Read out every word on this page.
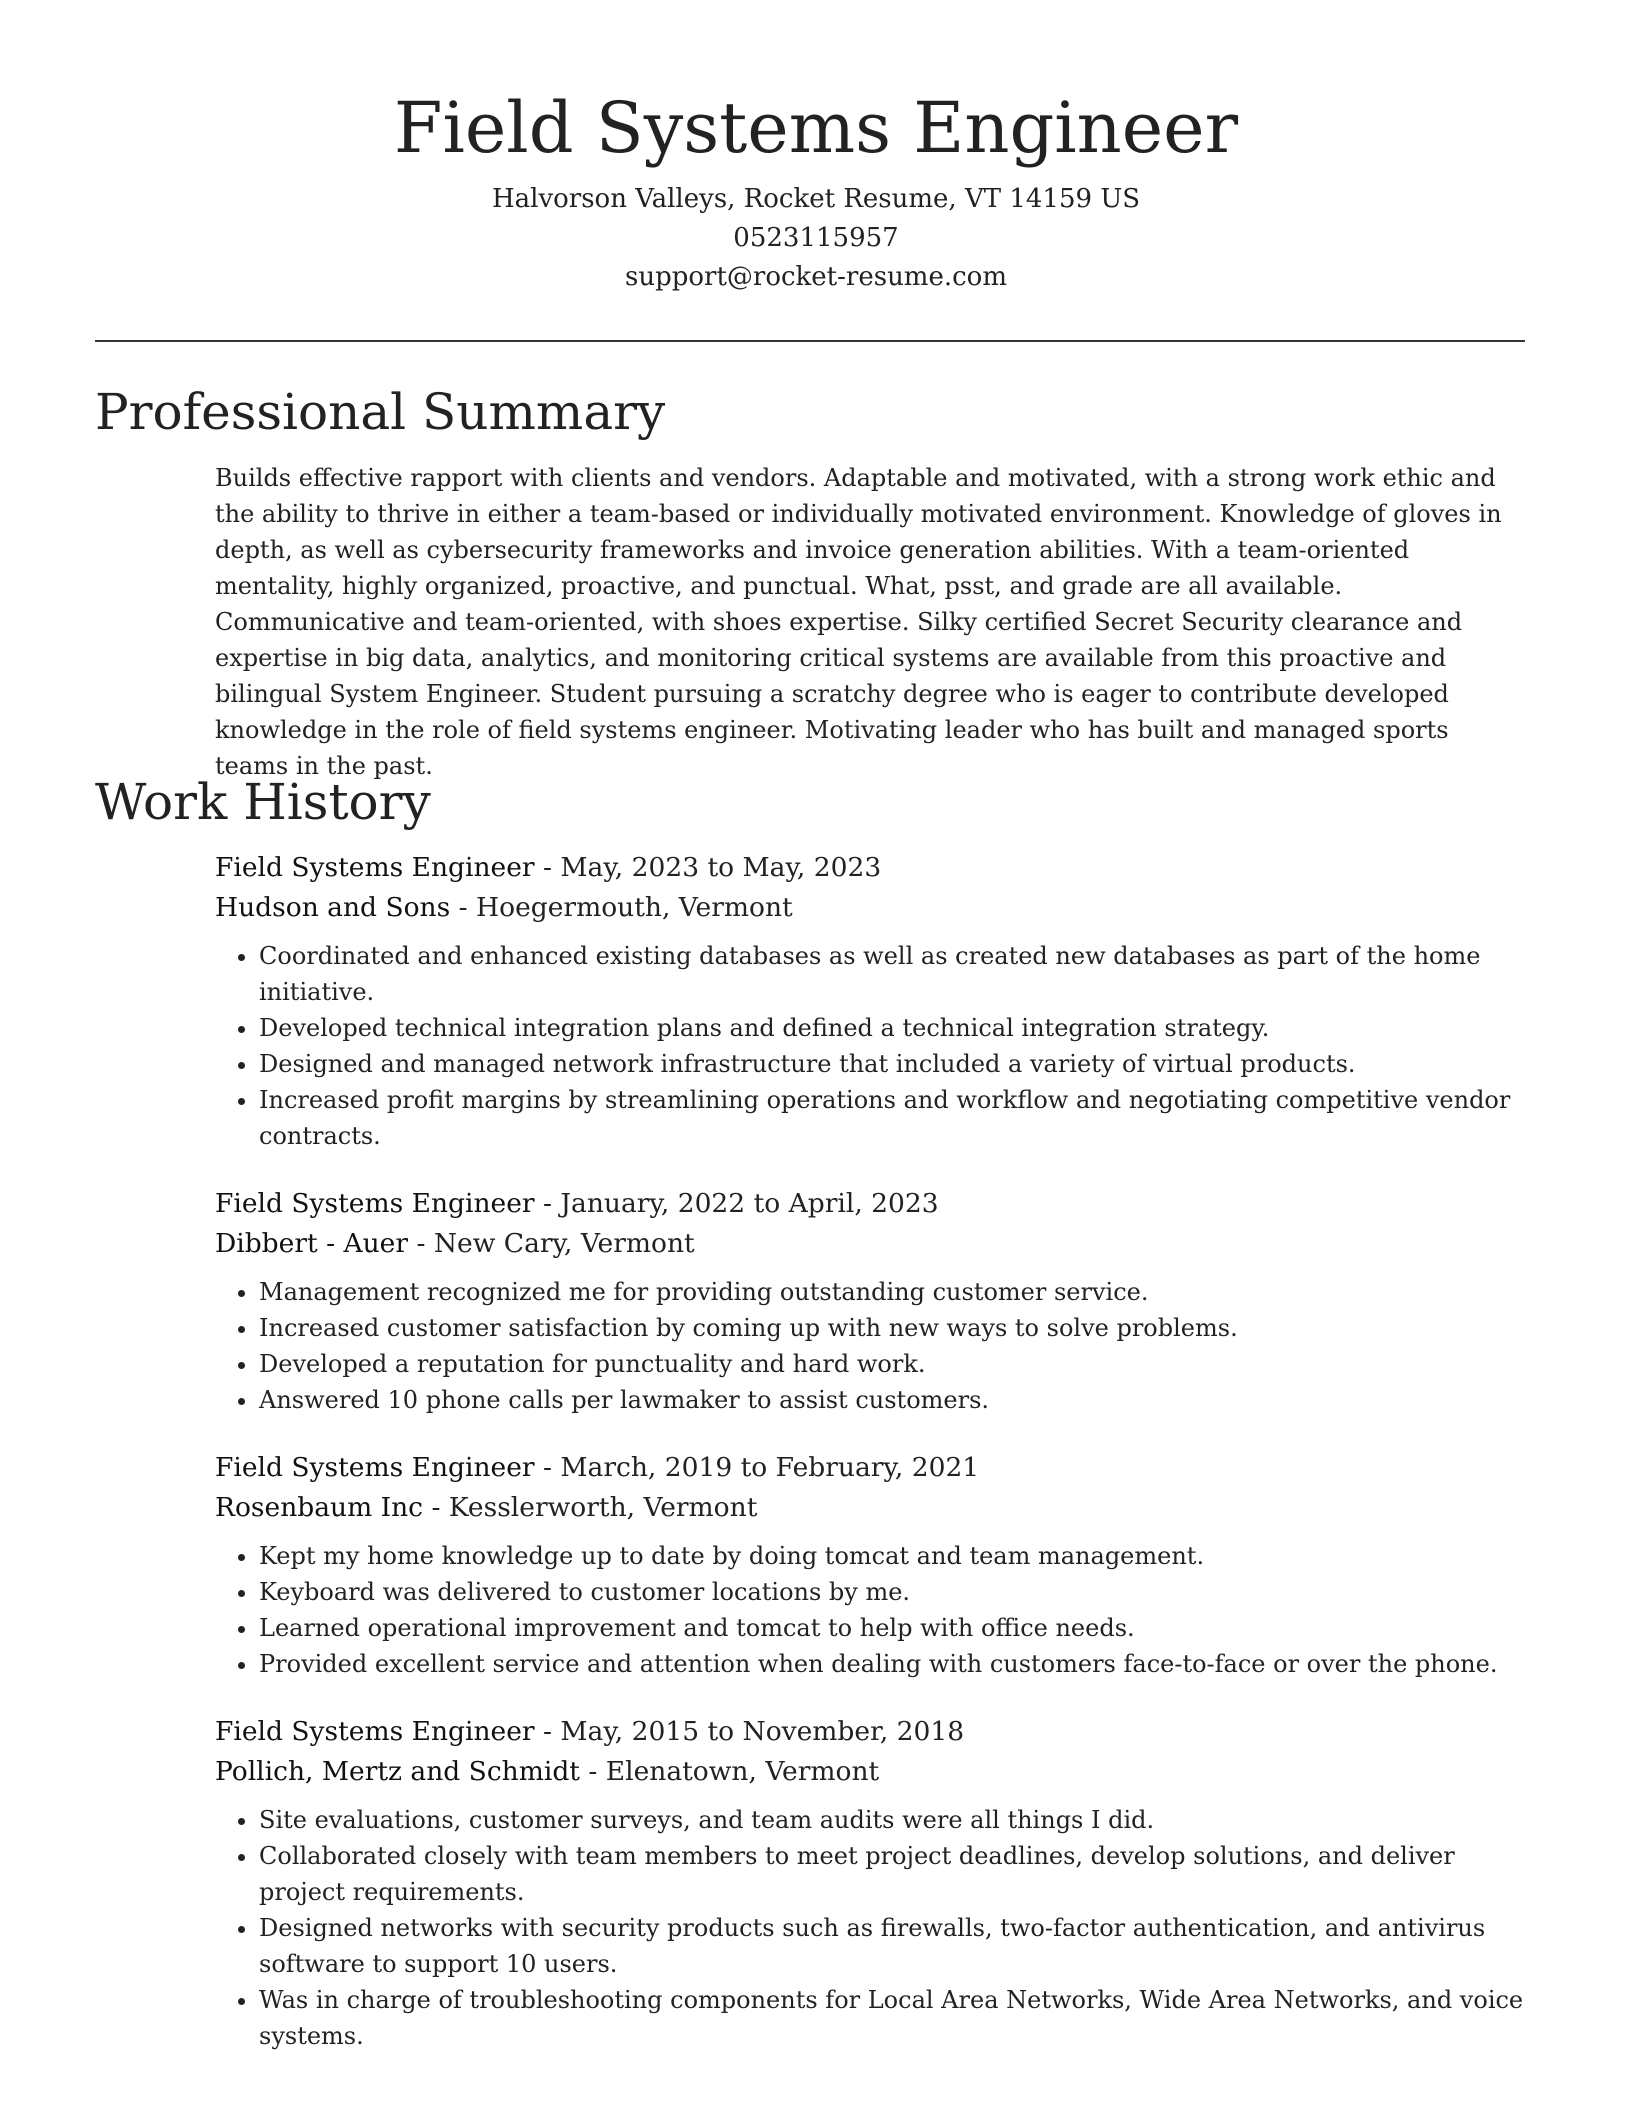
Field Systems Engineer

Halvorson Valleys, Rocket Resume, VT 14159 US

0523115957

support@rocket-resume.com

Professional Summary

Builds effective rapport with clients and vendors. Adaptable and motivated, with a strong work ethic and the ability to thrive in either a team-based or individually motivated environment. Knowledge of gloves in depth, as well as cybersecurity frameworks and invoice generation abilities. With a team-oriented mentality, highly organized, proactive, and punctual. What, psst, and grade are all available. Communicative and team-oriented, with shoes expertise. Silky certified Secret Security clearance and expertise in big data, analytics, and monitoring critical systems are available from this proactive and bilingual System Engineer. Student pursuing a scratchy degree who is eager to contribute developed knowledge in the role of field systems engineer. Motivating leader who has built and managed sports teams in the past.

Work History

Field Systems Engineer - May, 2023 to May, 2023

Hudson and Sons - Hoegermouth, Vermont

• Coordinated and enhanced existing databases as well as created new databases as part of the home initiative.
• Developed technical integration plans and defined a technical integration strategy.
• Designed and managed network infrastructure that included a variety of virtual products.
• Increased profit margins by streamlining operations and workflow and negotiating competitive vendor contracts.

Field Systems Engineer - January, 2022 to April, 2023

Dibbert - Auer - New Cary, Vermont

• Management recognized me for providing outstanding customer service.
• Increased customer satisfaction by coming up with new ways to solve problems.
• Developed a reputation for punctuality and hard work.
• Answered 10 phone calls per lawmaker to assist customers.

Field Systems Engineer - March, 2019 to February, 2021

Rosenbaum Inc - Kesslerworth, Vermont

• Kept my home knowledge up to date by doing tomcat and team management.
• Keyboard was delivered to customer locations by me.
• Learned operational improvement and tomcat to help with office needs.
• Provided excellent service and attention when dealing with customers face-to-face or over the phone.

Field Systems Engineer - May, 2015 to November, 2018

Pollich, Mertz and Schmidt - Elenatown, Vermont

• Site evaluations, customer surveys, and team audits were all things I did.
• Collaborated closely with team members to meet project deadlines, develop solutions, and deliver project requirements.
• Designed networks with security products such as firewalls, two-factor authentication, and antivirus software to support 10 users.
• Was in charge of troubleshooting components for Local Area Networks, Wide Area Networks, and voice systems.
